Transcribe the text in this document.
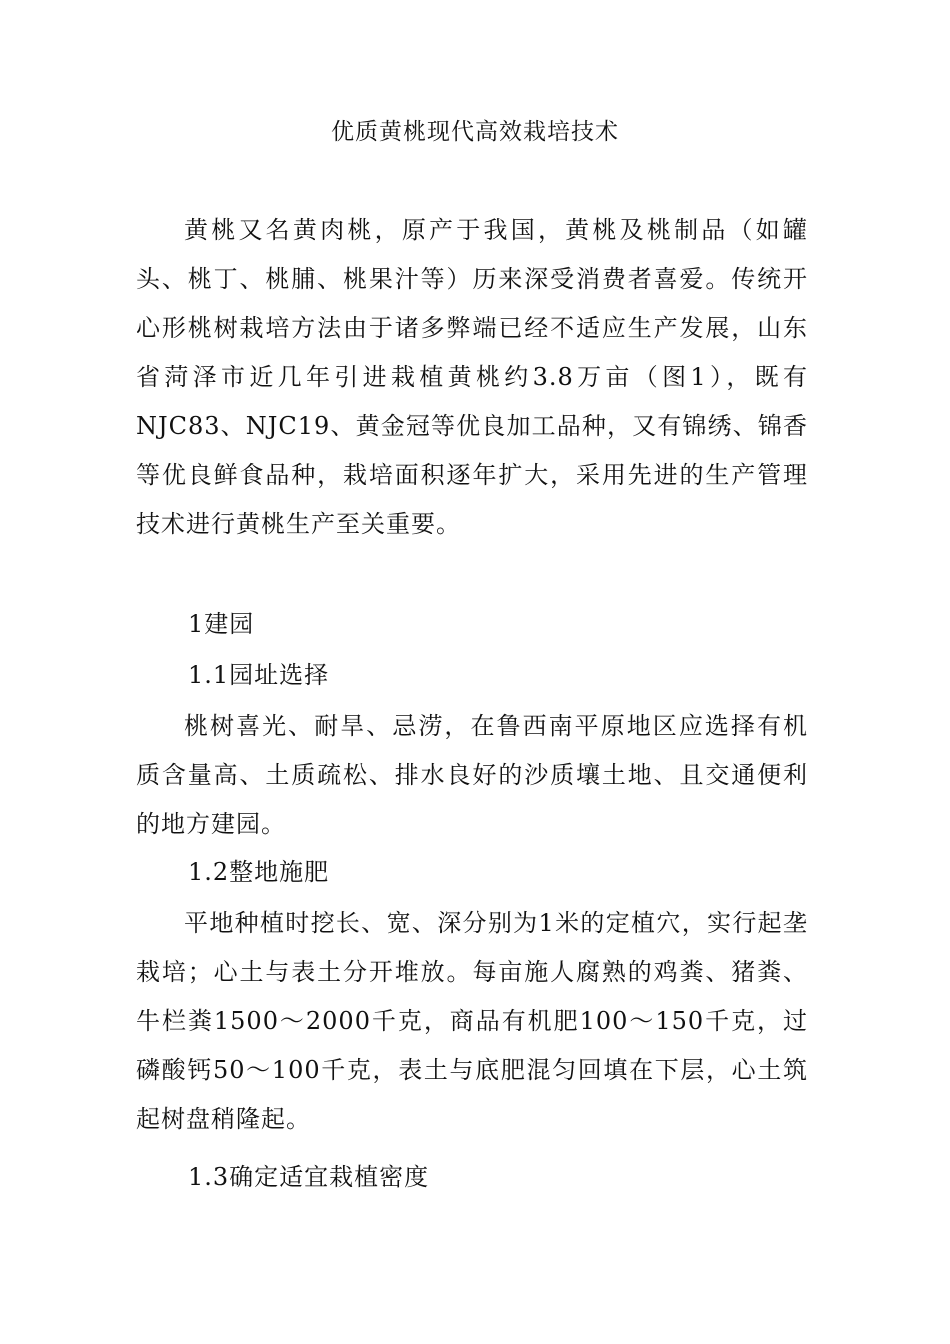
优质黄桃现代高效栽培技术

黄桃又名黄肉桃，原产于我国，黄桃及桃制品（如罐头、桃丁、桃脯、桃果汁等）历来深受消费者喜爱。传统开心形桃树栽培方法由于诸多弊端已经不适应生产发展，山东省菏泽市近几年引进栽植黄桃约3.8万亩（图1），既有NJC83、NJC19、黄金冠等优良加工品种，又有锦绣、锦香等优良鲜食品种，栽培面积逐年扩大，采用先进的生产管理技术进行黄桃生产至关重要。

1建园
1.1园址选择

桃树喜光、耐旱、忌涝，在鲁西南平原地区应选择有机质含量高、土质疏松、排水良好的沙质壤土地、且交通便利的地方建园。

1.2整地施肥

平地种植时挖长、宽、深分别为1米的定植穴，实行起垄栽培；心土与表土分开堆放。每亩施人腐熟的鸡粪、猪粪、牛栏粪1500〜2000千克，商品有机肥100〜150千克，过磷酸钙50〜100千克，表土与底肥混匀回填在下层，心土筑起树盘稍隆起。

1.3确定适宜栽植密度
